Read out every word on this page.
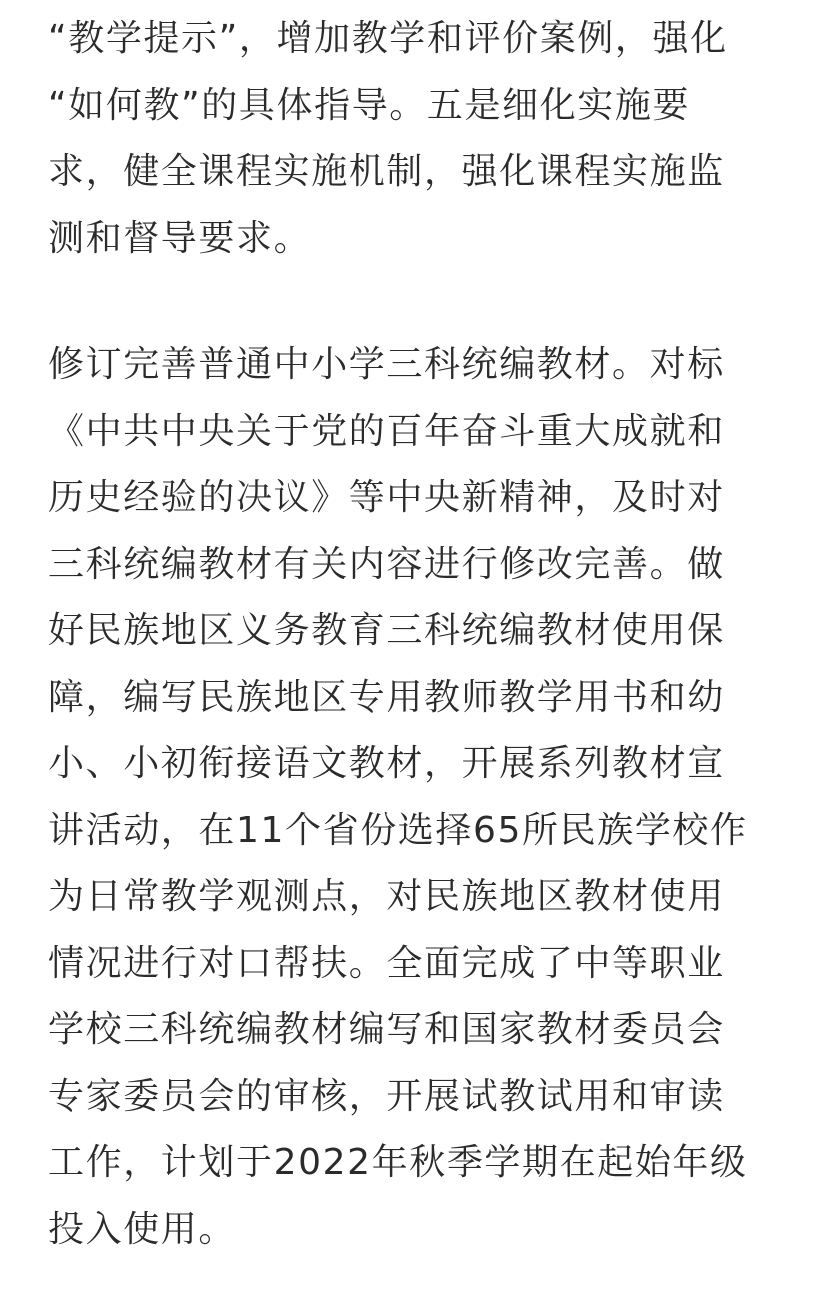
“教学提示”，增加教学和评价案例，强化
“如何教”的具体指导。五是细化实施要
求，健全课程实施机制，强化课程实施监
测和督导要求。
修订完善普通中小学三科统编教材。对标
《中共中央关于党的百年奋斗重大成就和
历史经验的决议》等中央新精神，及时对
三科统编教材有关内容进行修改完善。做
好民族地区义务教育三科统编教材使用保
障，编写民族地区专用教师教学用书和幼
小、小初衔接语文教材，开展系列教材宣
讲活动，在11个省份选择65所民族学校作
为日常教学观测点，对民族地区教材使用
情况进行对口帮扶。全面完成了中等职业
学校三科统编教材编写和国家教材委员会
专家委员会的审核，开展试教试用和审读
工作，计划于2022年秋季学期在起始年级
投入使用。
